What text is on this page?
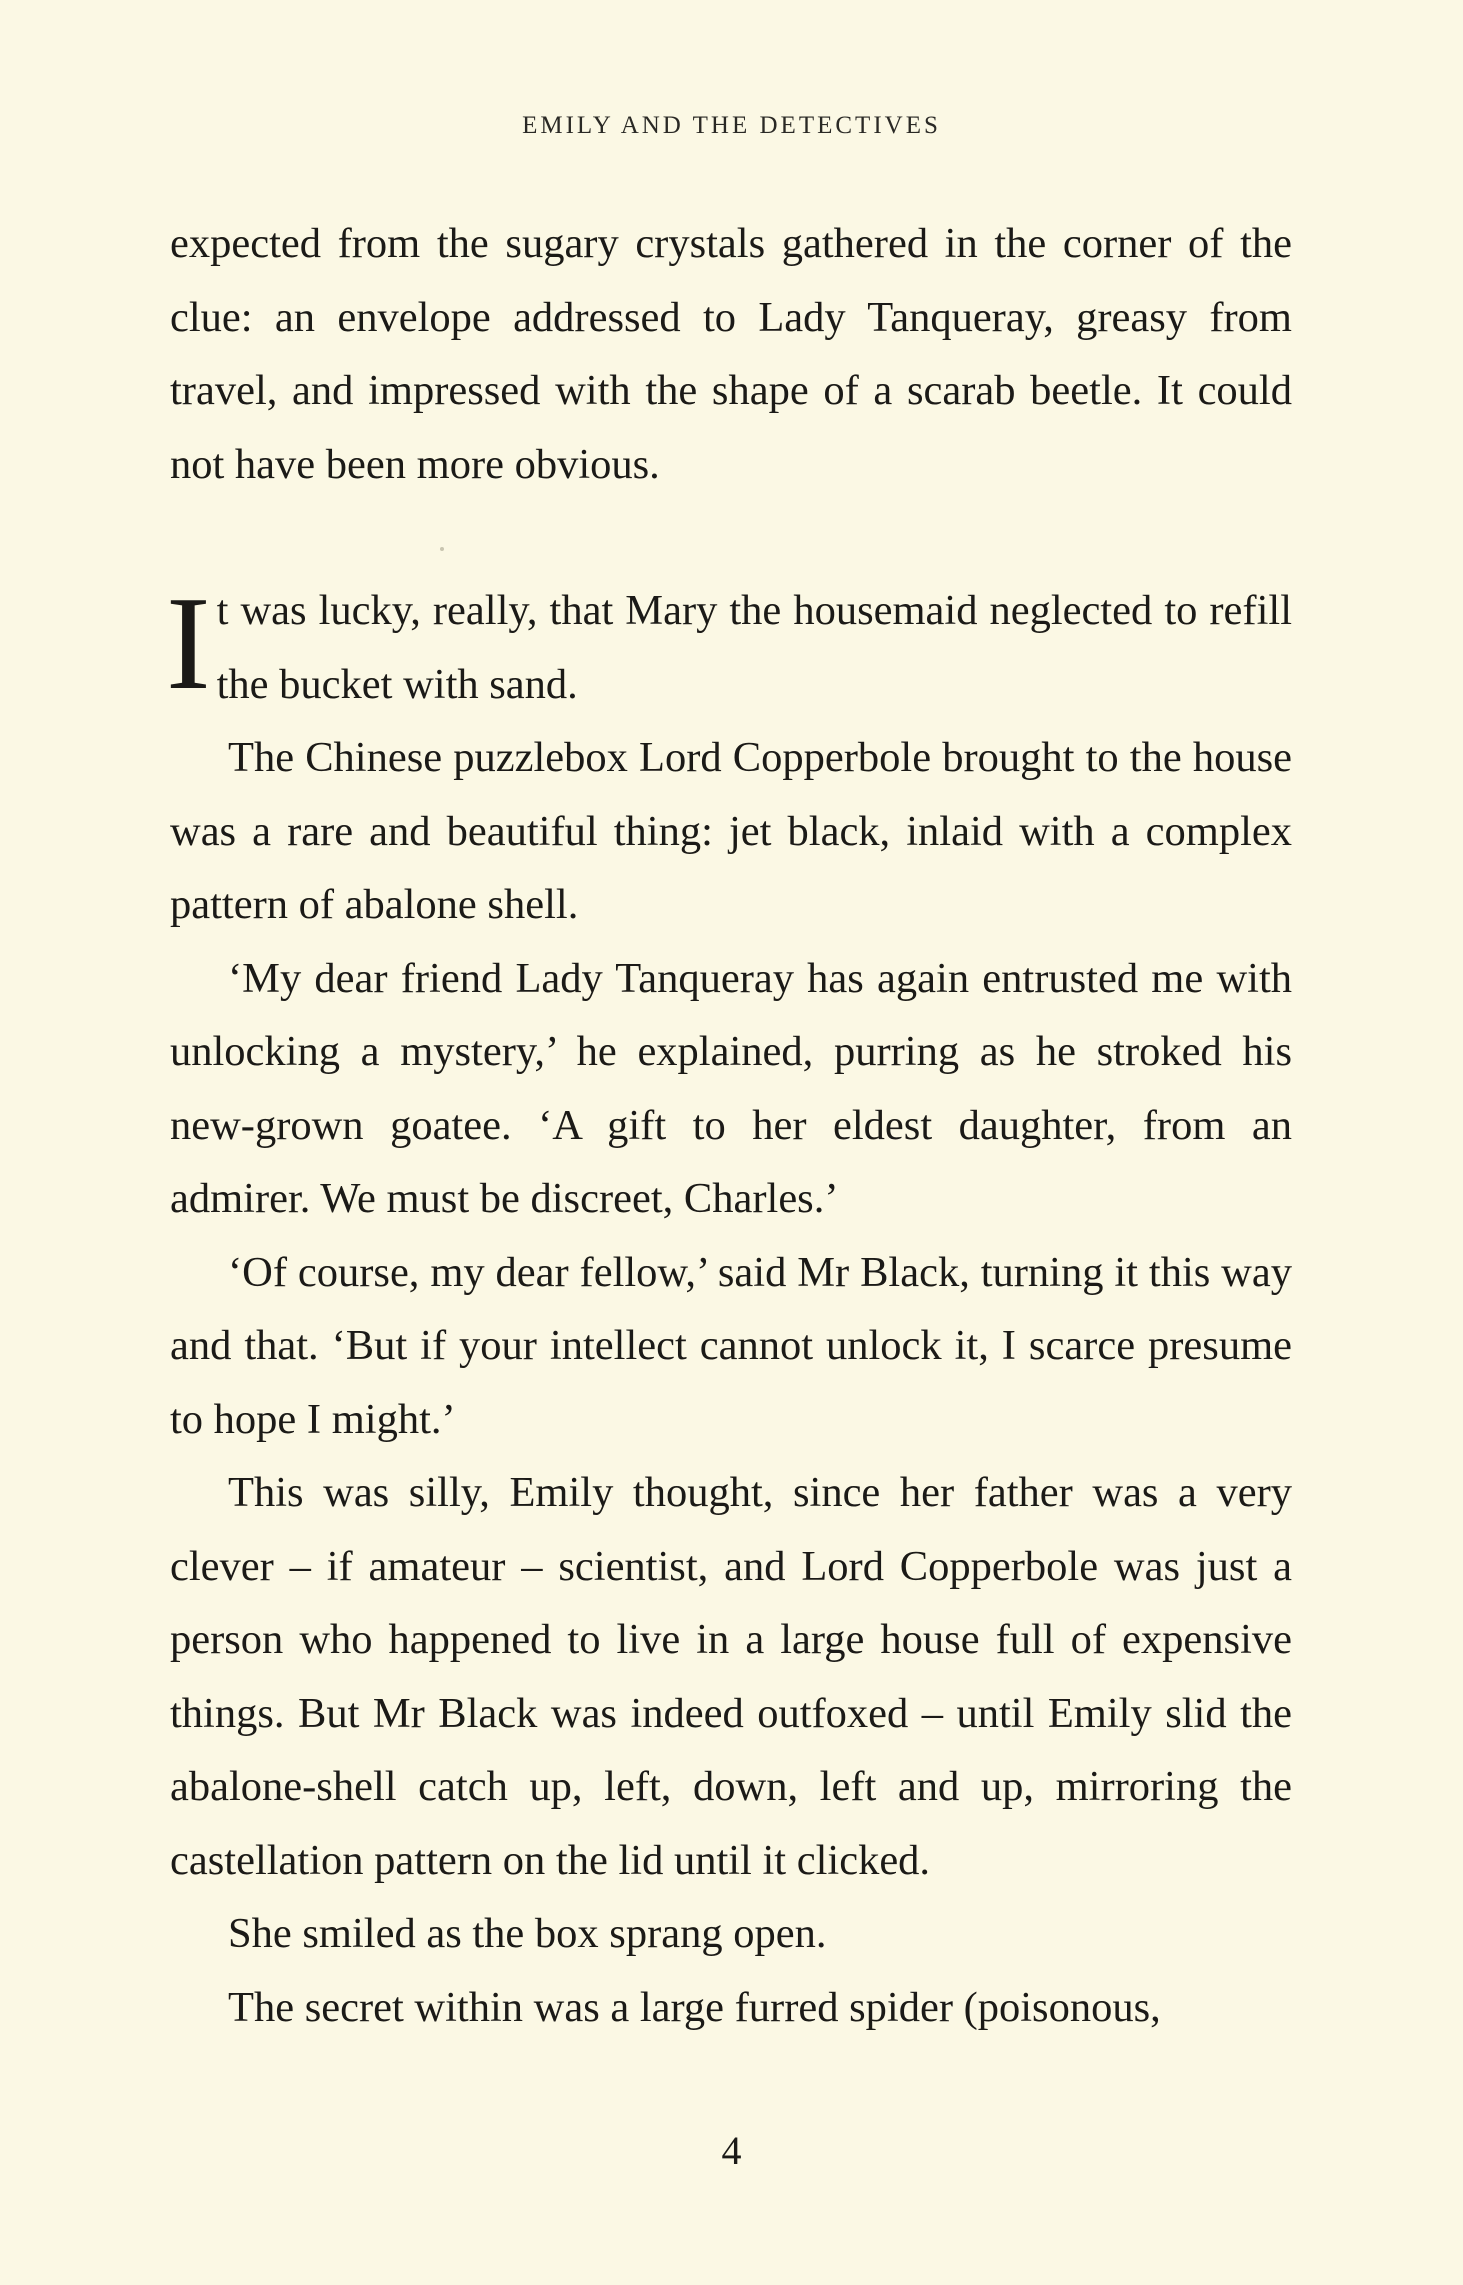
EMILY AND THE DETECTIVES

expected from the sugary crystals gathered in the corner of the clue: an envelope addressed to Lady Tanqueray, greasy from travel, and impressed with the shape of a scarab beetle. It could not have been more obvious.

It was lucky, really, that Mary the housemaid neglected to refill the bucket with sand.

The Chinese puzzlebox Lord Copperbole brought to the house was a rare and beautiful thing: jet black, inlaid with a complex pattern of abalone shell.

‘My dear friend Lady Tanqueray has again entrusted me with unlocking a mystery,’ he explained, purring as he stroked his new-grown goatee. ‘A gift to her eldest daughter, from an admirer. We must be discreet, Charles.’

‘Of course, my dear fellow,’ said Mr Black, turning it this way and that. ‘But if your intellect cannot unlock it, I scarce presume to hope I might.’

This was silly, Emily thought, since her father was a very clever – if amateur – scientist, and Lord Copperbole was just a person who happened to live in a large house full of expensive things. But Mr Black was indeed outfoxed – until Emily slid the abalone-shell catch up, left, down, left and up, mirroring the castellation pattern on the lid until it clicked.

She smiled as the box sprang open.

The secret within was a large furred spider (poisonous,

4
